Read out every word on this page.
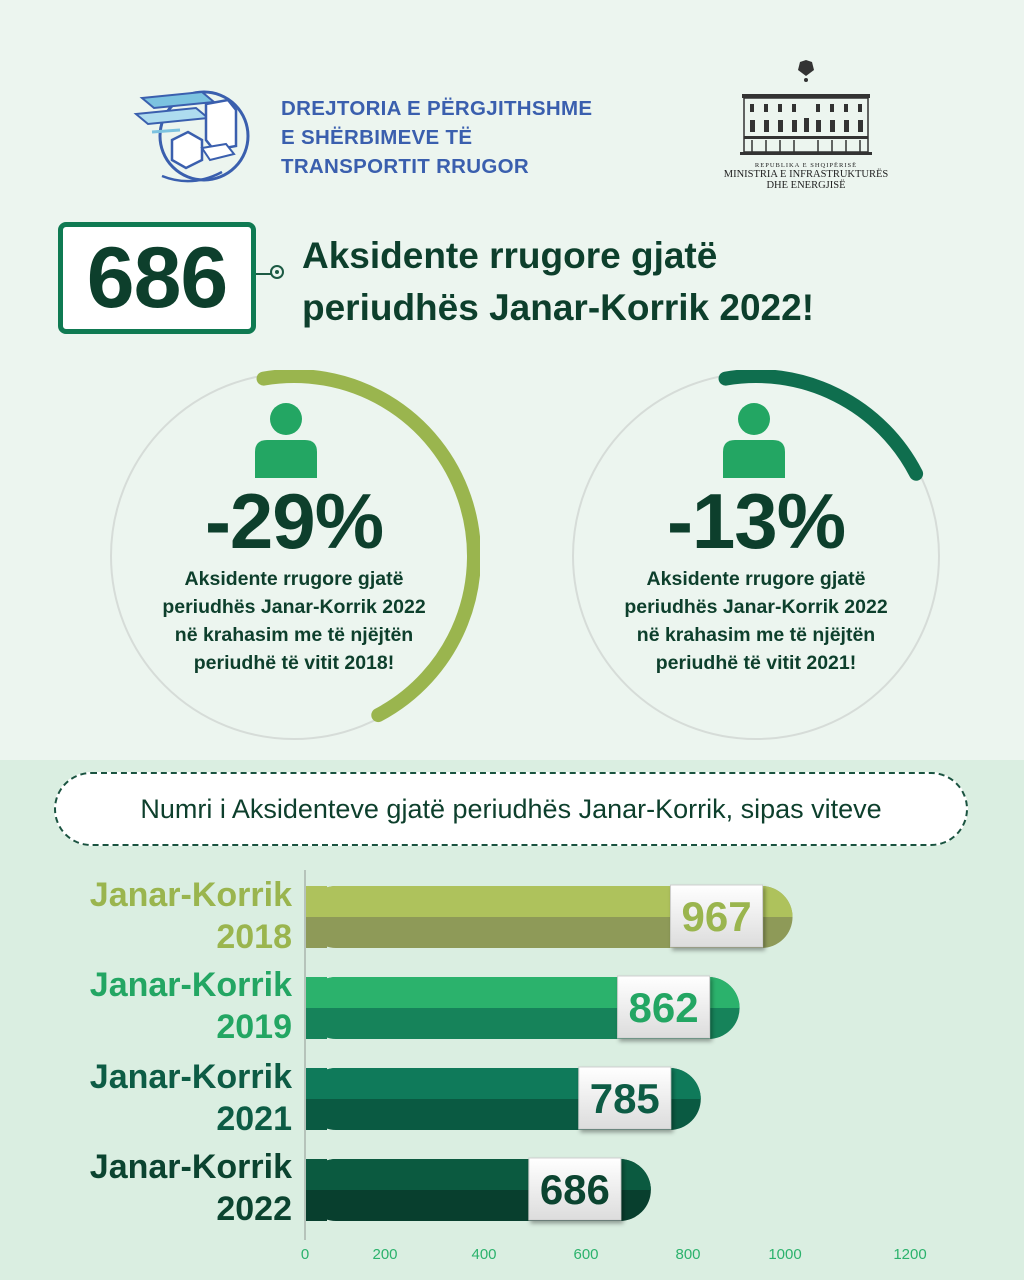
DREJTORIA E PËRGJITHSHME
E SHËRBIMEVE TË
TRANSPORTIT RRUGOR	REPUBLIKA E SHQIPËRISË
MINISTRIA E INFRASTRUKTURËS
DHE ENERGJISË
686 Aksidente rrugore gjatë
periudhës Janar-Korrik 2022!
-29%
Aksidente rrugore gjatë
periudhës Janar-Korrik 2022
në krahasim me të njëjtën
periudhë të vitit 2018!
-13%
Aksidente rrugore gjatë
periudhës Janar-Korrik 2022
në krahasim me të njëjtën
periudhë të vitit 2021!
Numri i Aksidenteve gjatë periudhës Janar-Korrik, sipas viteve
Janar-Korrik
2018
Janar-Korrik
2019
Janar-Korrik
2021
Janar-Korrik
2022
967
862
785
686
0	200	400	600	800	1000	1200
